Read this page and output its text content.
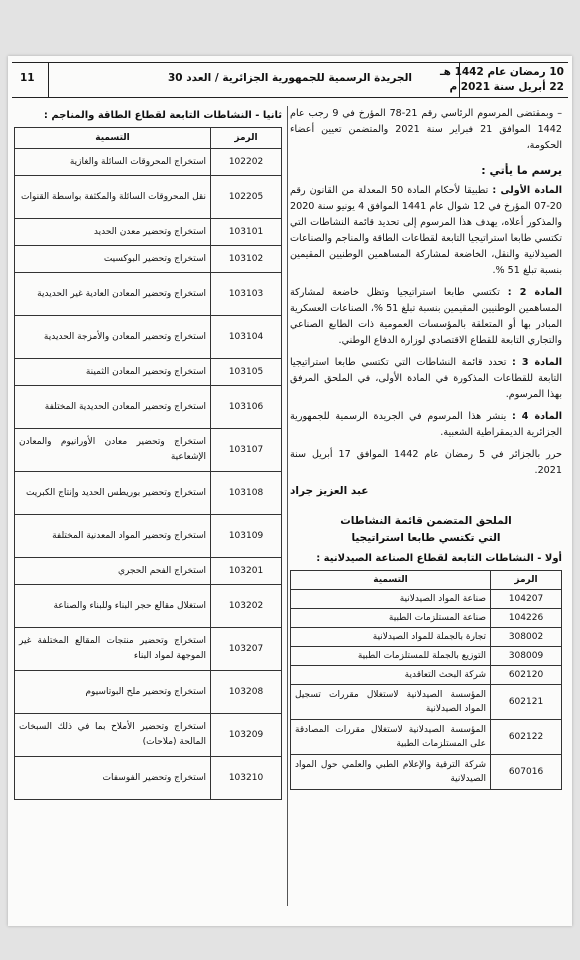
10 رمضان عام 1442 هـ
22 أبريل سنة 2021 م
الجريدة الرسمية للجمهورية الجزائرية / العدد 30
11

– وبمقتضى المرسوم الرئاسي رقم 21-78 المؤرخ في 9 رجب عام 1442 الموافق 21 فبراير سنة 2021 والمتضمن تعيين أعضاء الحكومة،

يرسم ما يأتي :

المادة الأولى : تطبيقا لأحكام المادة 50 المعدلة من القانون رقم 20-07 المؤرخ في 12 شوال عام 1441 الموافق 4 يونيو سنة 2020 والمذكور أعلاه، يهدف هذا المرسوم إلى تحديد قائمة النشاطات التي تكتسي طابعا استراتيجيا التابعة لقطاعات الطاقة والمناجم والصناعات الصيدلانية والنقل، الخاضعة لمشاركة المساهمين الوطنيين المقيمين بنسبة تبلغ 51 %.

المادة 2 : تكتسي طابعا استراتيجيا وتظل خاضعة لمشاركة المساهمين الوطنيين المقيمين بنسبة تبلغ 51 %، الصناعات العسكرية المبادر بها أو المتعلقة بالمؤسسات العمومية ذات الطابع الصناعي والتجاري التابعة للقطاع الاقتصادي لوزارة الدفاع الوطني.

المادة 3 : تحدد قائمة النشاطات التي تكتسي طابعا استراتيجيا التابعة للقطاعات المذكورة في المادة الأولى، في الملحق المرفق بهذا المرسوم.

المادة 4 : ينشر هذا المرسوم في الجريدة الرسمية للجمهورية الجزائرية الديمقراطية الشعبية.

حرر بالجزائر في 5 رمضان عام 1442 الموافق 17 أبريل سنة 2021.

عبد العزيز جراد
الملحق المتضمن قائمة النشاطات
التي تكتسي طابعا استراتيجيا
أولا - النشاطات التابعة لقطاع الصناعة الصيدلانية :
الرمز	التسمية
104207	صناعة المواد الصيدلانية
104226	صناعة المستلزمات الطبية
308002	تجارة بالجملة للمواد الصيدلانية
308009	التوزيع بالجملة للمستلزمات الطبية
602120	شركة البحث التعاقدية
602121	المؤسسة الصيدلانية لاستغلال مقررات تسجيل المواد الصيدلانية
602122	المؤسسة الصيدلانية لاستغلال مقررات المصادقة على المستلزمات الطبية
607016	شركة الترقية والإعلام الطبي والعلمي حول المواد الصيدلانية
ثانيا - النشاطات التابعة لقطاع الطاقة والمناجم :
الرمز	التسمية
102202	استخراج المحروقات السائلة والغازية
102205	نقل المحروقات السائلة والمكثفة بواسطة القنوات
103101	استخراج وتحضير معدن الحديد
103102	استخراج وتحضير البوكسيت
103103	استخراج وتحضير المعادن العادية غير الحديدية
103104	استخراج وتحضير المعادن والأمزجة الحديدية
103105	استخراج وتحضير المعادن الثمينة
103106	استخراج وتحضير المعادن الحديدية المختلفة
103107	استخراج وتحضير معادن الأورانيوم والمعادن الإشعاعية
103108	استخراج وتحضير بوريطس الحديد وإنتاج الكبريت
103109	استخراج وتحضير المواد المعدنية المختلفة
103201	استخراج الفحم الحجري
103202	استغلال مقالع حجر البناء وللبناء والصناعة
103207	استخراج وتحضير منتجات المقالع المختلفة غير الموجهة لمواد البناء
103208	استخراج وتحضير ملح البوتاسيوم
103209	استخراج وتحضير الأملاح بما في ذلك السبخات المالحة (ملاحات)
103210	استخراج وتحضير الفوسفات
